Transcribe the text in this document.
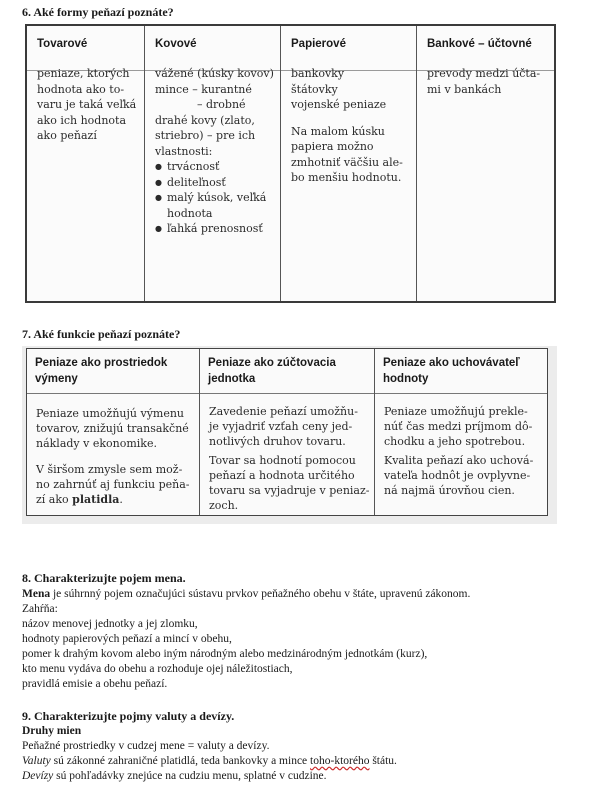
6. Aké formy peňazí poznáte?
Tovarové

peniaze, ktorých

hodnota ako to-

varu je taká veľká

ako ich hodnota

ako peňazí

Kovové

vážené (kúsky kovov)

mince – kurantné

– drobné

drahé kovy (zlato,

striebro) – pre ich

vlastnosti:

● trvácnosť
● deliteľnosť
● malý kúsok, veľká

hodnota

● ľahká prenosnosť
Papierové

bankovky

štátovky

vojenské peniaze

Na malom kúsku

papiera možno

zmhotniť väčšiu ale-

bo menšiu hodnotu.

Bankové – účtovné

prevody medzi účta-

mi v bankách

7. Aké funkcie peňazí poznáte?
Peniaze ako prostriedok
výmeny

Peniaze umožňujú výmenu

tovarov, znižujú transakčné

náklady v ekonomike.

V širšom zmysle sem mož-

no zahrnúť aj funkciu peňa-

zí ako platidla.

Peniaze ako zúčtovacia
jednotka

Zavedenie peňazí umožňu-

je vyjadriť vzťah ceny jed-

notlivých druhov tovaru.

Tovar sa hodnotí pomocou

peňazí a hodnota určitého

tovaru sa vyjadruje v peniaz-

zoch.

Peniaze ako uchovávateľ
hodnoty

Peniaze umožňujú prekle-

núť čas medzi príjmom dô-

chodku a jeho spotrebou.

Kvalita peňazí ako uchová-

vateľa hodnôt je ovplyvne-

ná najmä úrovňou cien.

8. Charakterizujte pojem mena.

Mena je súhrnný pojem označujúci sústavu prvkov peňažného obehu v štáte, upravenú zákonom.

Zahŕňa:

názov menovej jednotky a jej zlomku,

hodnoty papierových peňazí a mincí v obehu,

pomer k drahým kovom alebo iným národným alebo medzinárodným jednotkám (kurz),

kto menu vydáva do obehu a rozhoduje ojej náležitostiach,

pravidlá emisie a obehu peňazí.

9. Charakterizujte pojmy valuty a devízy.

Druhy mien

Peňažné prostriedky v cudzej mene = valuty a devízy.

Valuty sú zákonné zahraničné platidlá, teda bankovky a mince toho-ktorého štátu.

Devízy sú pohľadávky znejúce na cudziu menu, splatné v cudzine.
